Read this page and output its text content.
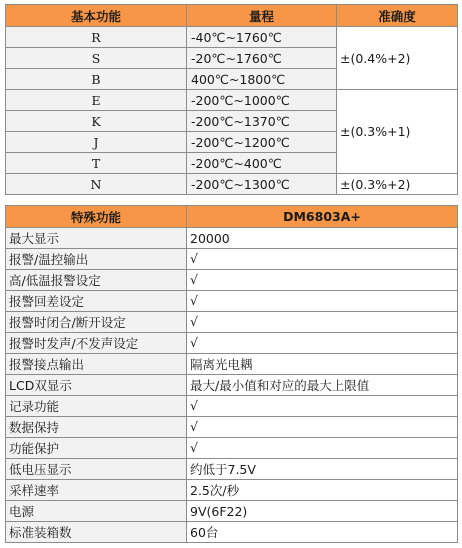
基本功能	量程	准确度
R	-40℃~1760℃	±(0.4%+2)
S	-20℃~1760℃	
B	400℃~1800℃	
E	-200℃~1000℃	±(0.3%+1)
K	-200℃~1370℃	
J	-200℃~1200℃	
T	-200℃~400℃	
N	-200℃~1300℃	±(0.3%+2)
特殊功能	DM6803A+
最大显示	20000
报警/温控输出	√
高/低温报警设定	√
报警回差设定	√
报警时闭合/断开设定	√
报警时发声/不发声设定	√
报警接点输出	隔离光电耦
LCD双显示	最大/最小值和对应的最大上限值
记录功能	√
数据保持	√
功能保护	√
低电压显示	约低于7.5V
采样速率	2.5次/秒
电源	9V(6F22)
标准装箱数	60台
